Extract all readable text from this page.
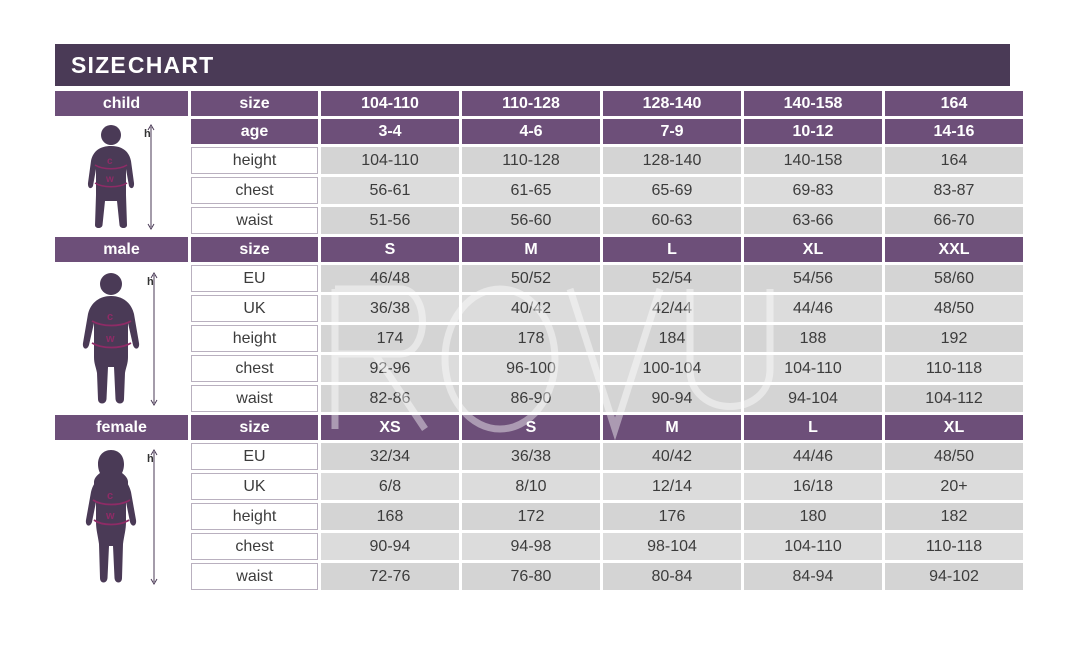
SIZE CHART
child	size	104-110	110-128	128-140	140-158	164

h
c
w	age	3-4	4-6	7-9	10-12	14-16
	height	104-110	110-128	128-140	140-158	164
	chest	56-61	61-65	65-69	69-83	83-87
	waist	51-56	56-60	60-63	63-66	66-70
male	size	S	M	L	XL	XXL

h
c
w	EU	46/48	50/52	52/54	54/56	58/60
	UK	36/38	40/42	42/44	44/46	48/50
	height	174	178	184	188	192
	chest	92-96	96-100	100-104	104-110	110-118
	waist	82-86	86-90	90-94	94-104	104-112
female	size	XS	S	M	L	XL

h
c
w	EU	32/34	36/38	40/42	44/46	48/50
	UK	6/8	8/10	12/14	16/18	20+
	height	168	172	176	180	182
	chest	90-94	94-98	98-104	104-110	110-118
	waist	72-76	76-80	80-84	84-94	94-102
